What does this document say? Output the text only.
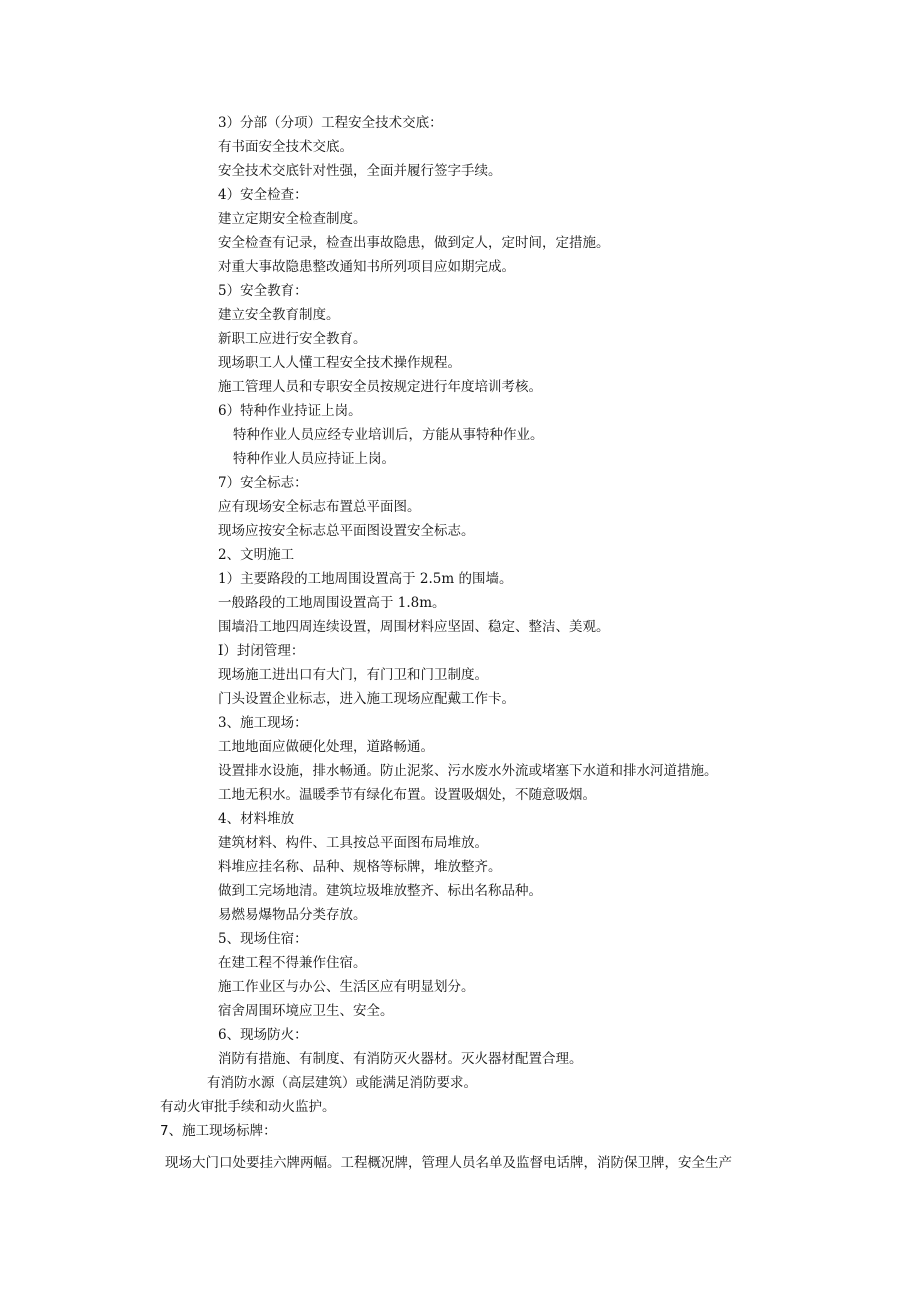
3）分部（分项）工程安全技术交底：
有书面安全技术交底。
安全技术交底针对性强，全面并履行签字手续。
4）安全检查：
建立定期安全检查制度。
安全检查有记录，检查出事故隐患，做到定人，定时间，定措施。
对重大事故隐患整改通知书所列项目应如期完成。
5）安全教育：
建立安全教育制度。
新职工应进行安全教育。
现场职工人人懂工程安全技术操作规程。
施工管理人员和专职安全员按规定进行年度培训考核。
6）特种作业持证上岗。
特种作业人员应经专业培训后，方能从事特种作业。
特种作业人员应持证上岗。
7）安全标志：
应有现场安全标志布置总平面图。
现场应按安全标志总平面图设置安全标志。
2、文明施工
1）主要路段的工地周围设置高于 2.5m 的围墙。
一般路段的工地周围设置高于 1.8m。
围墙沿工地四周连续设置，周围材料应坚固、稳定、整洁、美观。
I）封闭管理：
现场施工进出口有大门，有门卫和门卫制度。
门头设置企业标志，进入施工现场应配戴工作卡。
3、施工现场：
工地地面应做硬化处理，道路畅通。
设置排水设施，排水畅通。防止泥浆、污水废水外流或堵塞下水道和排水河道措施。
工地无积水。温暖季节有绿化布置。设置吸烟处，不随意吸烟。
4、材料堆放
建筑材料、构件、工具按总平面图布局堆放。
料堆应挂名称、品种、规格等标牌，堆放整齐。
做到工完场地清。建筑垃圾堆放整齐、标出名称品种。
易燃易爆物品分类存放。
5、现场住宿：
在建工程不得兼作住宿。
施工作业区与办公、生活区应有明显划分。
宿舍周围环境应卫生、安全。
6、现场防火：
消防有措施、有制度、有消防灭火器材。灭火器材配置合理。
有消防水源（高层建筑）或能满足消防要求。
有动火审批手续和动火监护。
7、施工现场标牌：
现场大门口处要挂六牌两幅。工程概况牌，管理人员名单及监督电话牌，消防保卫牌，安全生产
